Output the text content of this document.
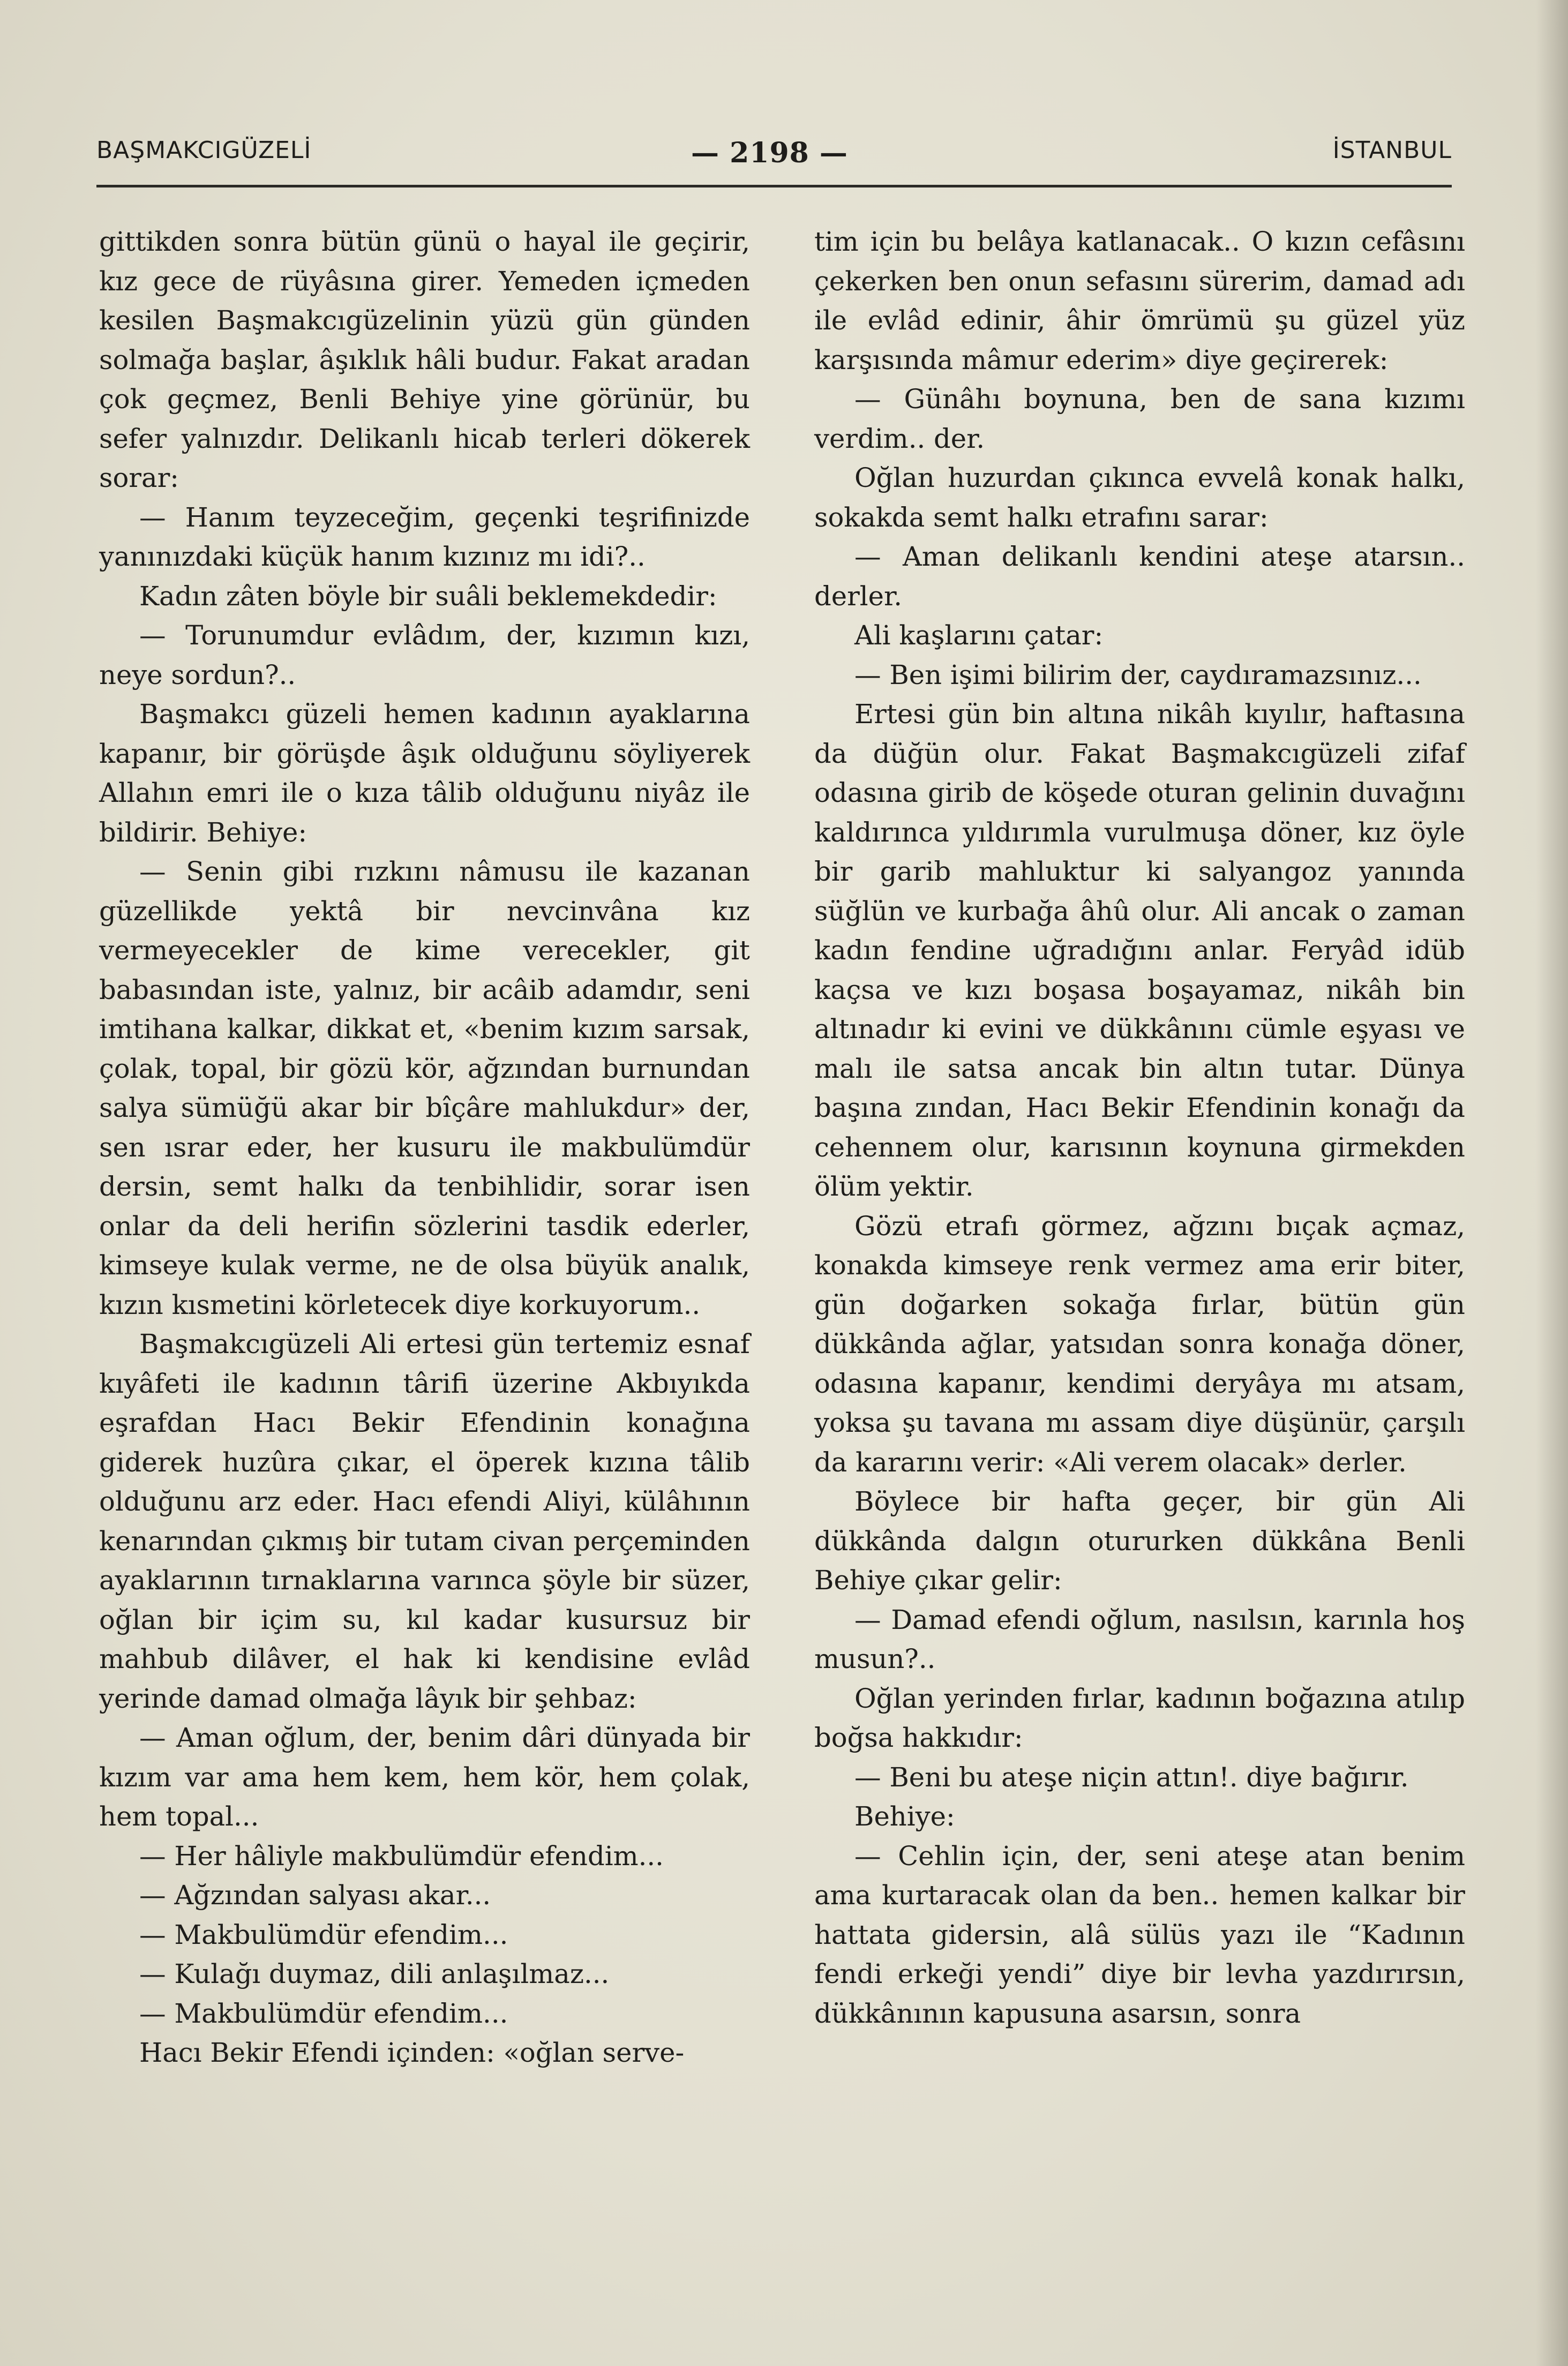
BAŞMAKCIGÜZELİ	— 2198 —	İSTANBUL

gittikden sonra bütün günü o hayal ile geçirir, kız gece de rüyâsına girer. Yemeden içmeden kesilen Başmakcıgüzelinin yüzü gün günden solmağa başlar, âşıklık hâli budur. Fakat aradan çok geçmez, Benli Behiye yine görünür, bu sefer yalnızdır. Delikanlı hicab terleri dökerek sorar:

— Hanım teyzeceğim, geçenki teşrifinizde yanınızdaki küçük hanım kızınız mı idi?..

Kadın zâten böyle bir suâli beklemekdedir:

— Torunumdur evlâdım, der, kızımın kızı, neye sordun?..

Başmakcı güzeli hemen kadının ayaklarına kapanır, bir görüşde âşık olduğunu söyliyerek Allahın emri ile o kıza tâlib olduğunu niyâz ile bildirir. Behiye:

— Senin gibi rızkını nâmusu ile kazanan güzellikde yektâ bir nevcinvâna kız vermeyecekler de kime verecekler, git babasından iste, yalnız, bir acâib adamdır, seni imtihana kalkar, dikkat et, «benim kızım sarsak, çolak, topal, bir gözü kör, ağzından burnundan salya sümüğü akar bir bîçâre mahlukdur» der, sen ısrar eder, her kusuru ile makbulümdür dersin, semt halkı da tenbihlidir, sorar isen onlar da deli herifin sözlerini tasdik ederler, kimseye kulak verme, ne de olsa büyük analık, kızın kısmetini körletecek diye korkuyorum..

Başmakcıgüzeli Ali ertesi gün tertemiz esnaf kıyâfeti ile kadının târifi üzerine Akbıyıkda eşrafdan Hacı Bekir Efendinin konağına giderek huzûra çıkar, el öperek kızına tâlib olduğunu arz eder. Hacı efendi Aliyi, külâhının kenarından çıkmış bir tutam civan perçeminden ayaklarının tırnaklarına varınca şöyle bir süzer, oğlan bir içim su, kıl kadar kusursuz bir mahbub dilâver, el hak ki kendisine evlâd yerinde damad olmağa lâyık bir şehbaz:

— Aman oğlum, der, benim dâri dünyada bir kızım var ama hem kem, hem kör, hem çolak, hem topal...

— Her hâliyle makbulümdür efendim...

— Ağzından salyası akar...

— Makbulümdür efendim...

— Kulağı duymaz, dili anlaşılmaz...

— Makbulümdür efendim...

Hacı Bekir Efendi içinden: «oğlan serve-

tim için bu belâya katlanacak.. O kızın cefâsını çekerken ben onun sefasını sürerim, damad adı ile evlâd edinir, âhir ömrümü şu güzel yüz karşısında mâmur ederim» diye geçirerek:

— Günâhı boynuna, ben de sana kızımı verdim.. der.

Oğlan huzurdan çıkınca evvelâ konak halkı, sokakda semt halkı etrafını sarar:

— Aman delikanlı kendini ateşe atarsın.. derler.

Ali kaşlarını çatar:

— Ben işimi bilirim der, caydıramazsınız...

Ertesi gün bin altına nikâh kıyılır, haftasına da düğün olur. Fakat Başmakcıgüzeli zifaf odasına girib de köşede oturan gelinin duvağını kaldırınca yıldırımla vurulmuşa döner, kız öyle bir garib mahluktur ki salyangoz yanında süğlün ve kurbağa âhû olur. Ali ancak o zaman kadın fendine uğradığını anlar. Feryâd idüb kaçsa ve kızı boşasa boşayamaz, nikâh bin altınadır ki evini ve dükkânını cümle eşyası ve malı ile satsa ancak bin altın tutar. Dünya başına zından, Hacı Bekir Efendinin konağı da cehennem olur, karısının koynuna girmekden ölüm yektir.

Gözü etrafı görmez, ağzını bıçak açmaz, konakda kimseye renk vermez ama erir biter, gün doğarken sokağa fırlar, bütün gün dükkânda ağlar, yatsıdan sonra konağa döner, odasına kapanır, kendimi deryâya mı atsam, yoksa şu tavana mı assam diye düşünür, çarşılı da kararını verir: «Ali verem olacak» derler.

Böylece bir hafta geçer, bir gün Ali dükkânda dalgın otururken dükkâna Benli Behiye çıkar gelir:

— Damad efendi oğlum, nasılsın, karınla hoş musun?..

Oğlan yerinden fırlar, kadının boğazına atılıp boğsa hakkıdır:

— Beni bu ateşe niçin attın!. diye bağırır.

Behiye:

— Cehlin için, der, seni ateşe atan benim ama kurtaracak olan da ben.. hemen kalkar bir hattata gidersin, alâ sülüs yazı ile “Kadının fendi erkeği yendi” diye bir levha yazdırırsın, dükkânının kapusuna asarsın, sonra
